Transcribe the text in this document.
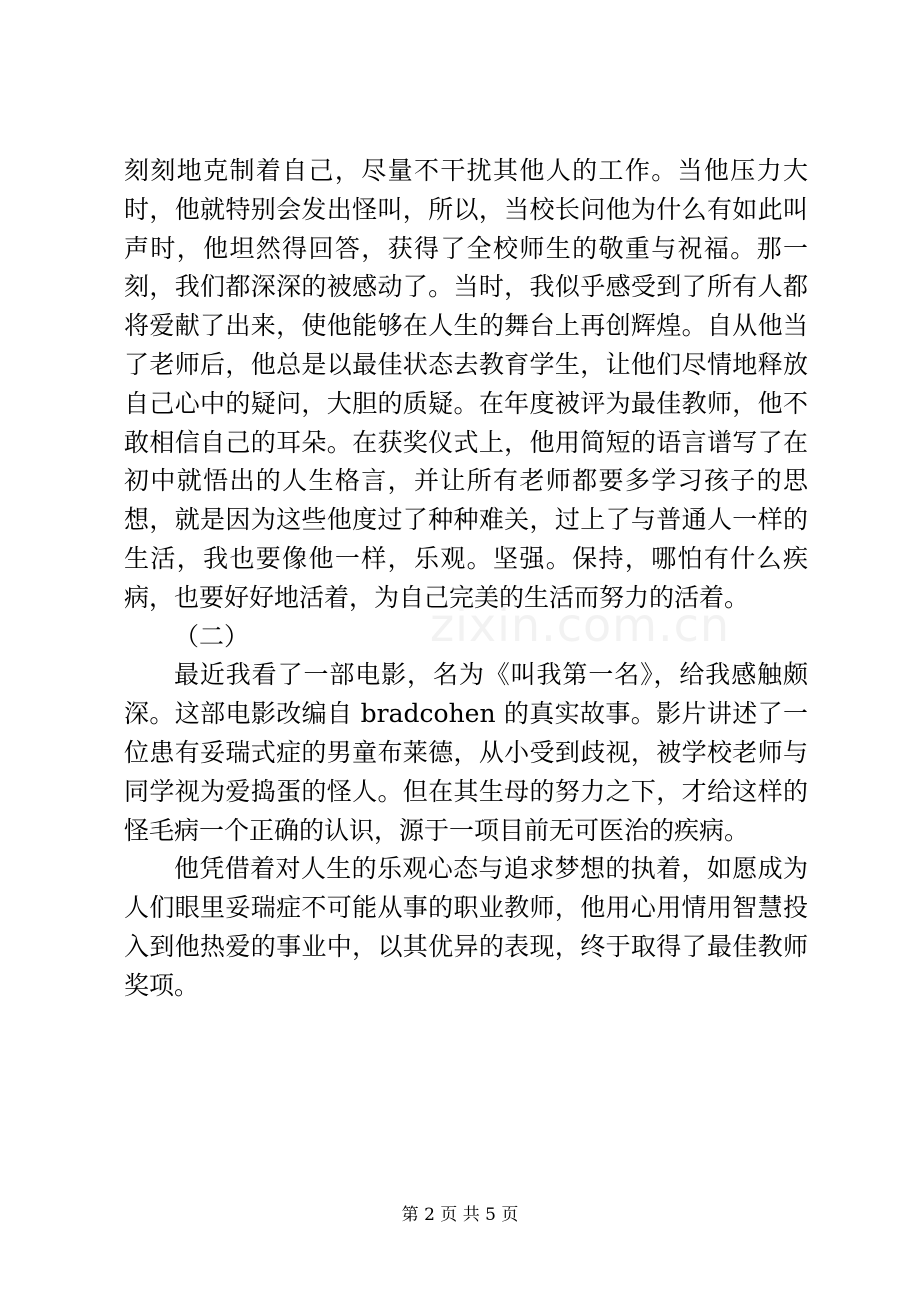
刻刻地克制着自己，尽量不干扰其他人的工作。当他压力大时，他就特别会发出怪叫，所以，当校长问他为什么有如此叫声时，他坦然得回答，获得了全校师生的敬重与祝福。那一刻，我们都深深的被感动了。当时，我似乎感受到了所有人都将爱献了出来，使他能够在人生的舞台上再创辉煌。自从他当了老师后，他总是以最佳状态去教育学生，让他们尽情地释放自己心中的疑问，大胆的质疑。在年度被评为最佳教师，他不敢相信自己的耳朵。在获奖仪式上，他用简短的语言谱写了在初中就悟出的人生格言，并让所有老师都要多学习孩子的思想，就是因为这些他度过了种种难关，过上了与普通人一样的生活，我也要像他一样，乐观。坚强。保持，哪怕有什么疾病，也要好好地活着，为自己完美的生活而努力的活着。

（二）

最近我看了一部电影，名为《叫我第一名》，给我感触颇深。这部电影改编自 bradcohen 的真实故事。影片讲述了一位患有妥瑞式症的男童布莱德，从小受到歧视，被学校老师与同学视为爱捣蛋的怪人。但在其生母的努力之下，才给这样的怪毛病一个正确的认识，源于一项目前无可医治的疾病。

他凭借着对人生的乐观心态与追求梦想的执着，如愿成为人们眼里妥瑞症不可能从事的职业教师，他用心用情用智慧投入到他热爱的事业中，以其优异的表现，终于取得了最佳教师奖项。

zixin.com.cn
第 2 页 共 5 页
